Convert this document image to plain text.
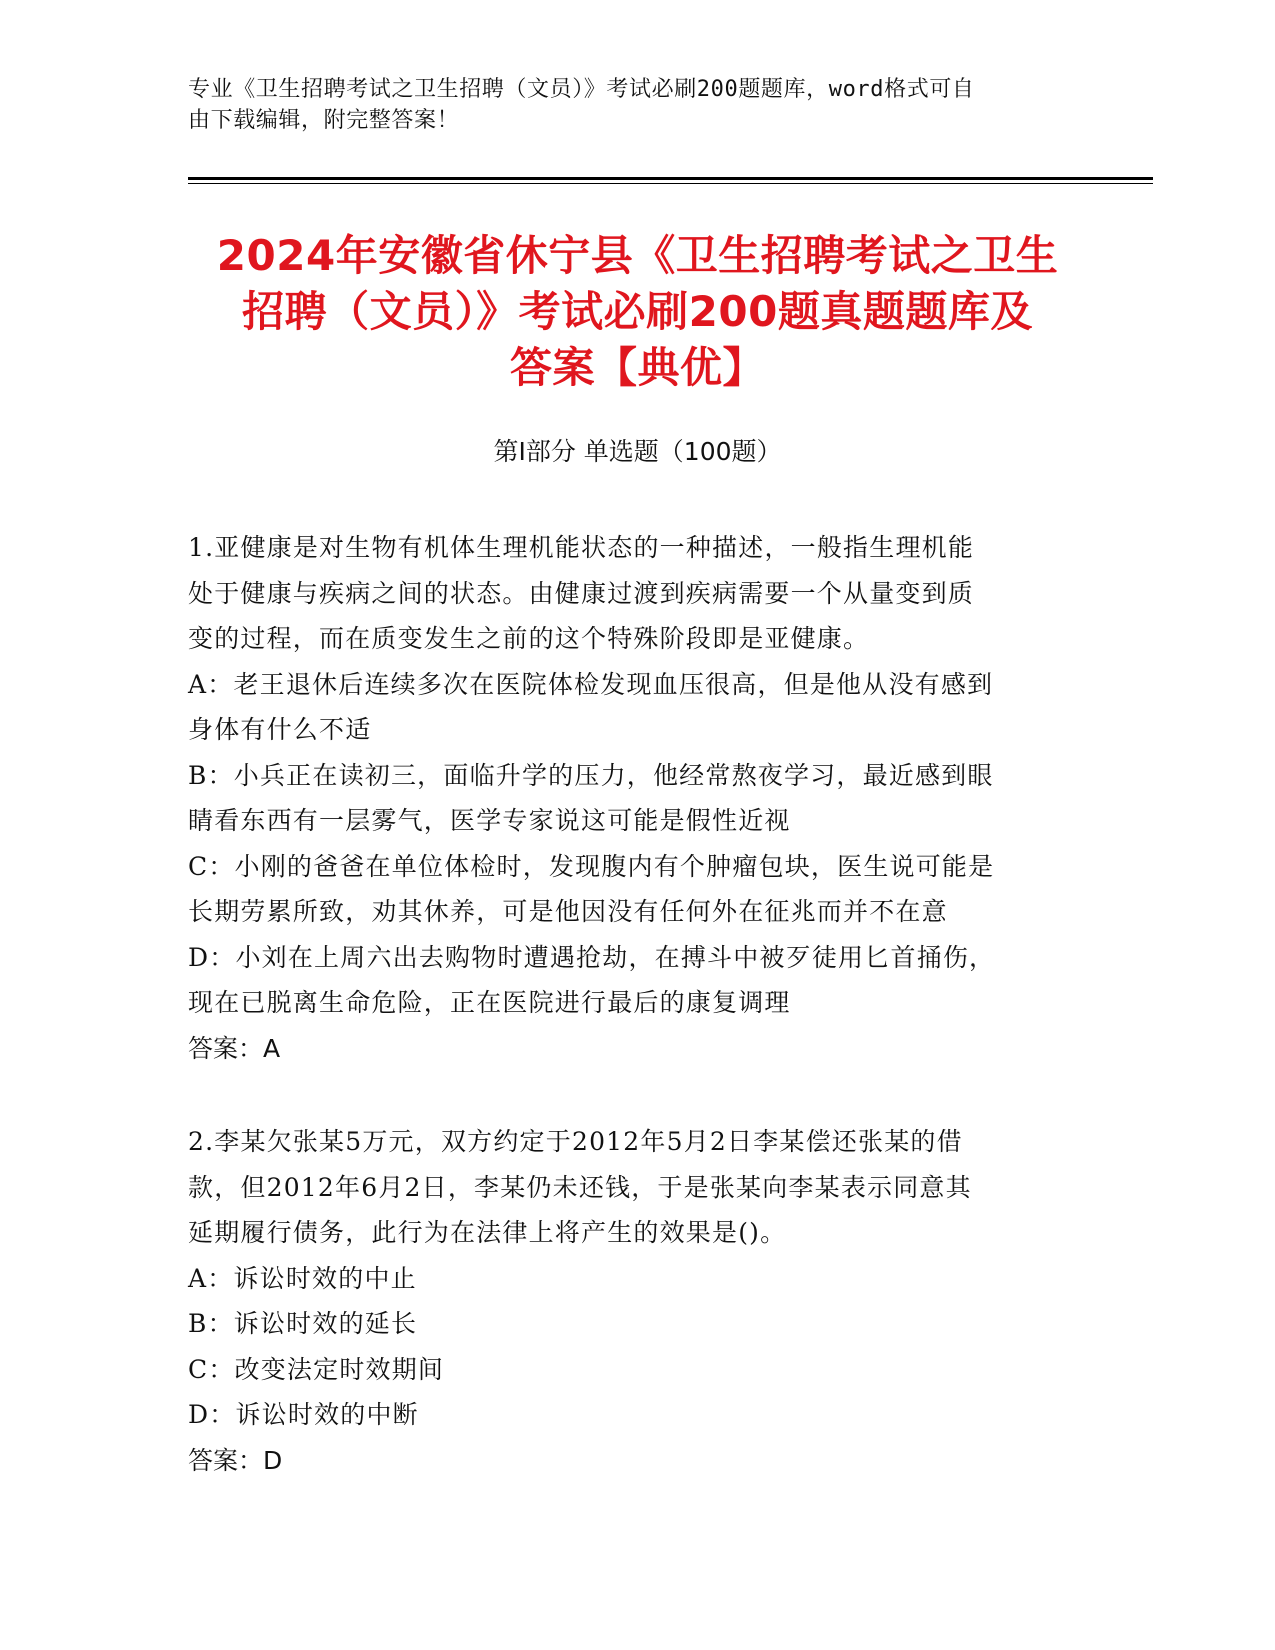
专业《卫生招聘考试之卫生招聘（文员）》考试必刷200题题库，word格式可自
由下载编辑，附完整答案！
2024年安徽省休宁县《卫生招聘考试之卫生
招聘（文员）》考试必刷200题真题题库及
答案【典优】
第I部分 单选题（100题）

1.亚健康是对生物有机体生理机能状态的一种描述，一般指生理机能

处于健康与疾病之间的状态。由健康过渡到疾病需要一个从量变到质

变的过程，而在质变发生之前的这个特殊阶段即是亚健康。

A：老王退休后连续多次在医院体检发现血压很高，但是他从没有感到

身体有什么不适

B：小兵正在读初三，面临升学的压力，他经常熬夜学习，最近感到眼

睛看东西有一层雾气，医学专家说这可能是假性近视

C：小刚的爸爸在单位体检时，发现腹内有个肿瘤包块，医生说可能是

长期劳累所致，劝其休养，可是他因没有任何外在征兆而并不在意

D：小刘在上周六出去购物时遭遇抢劫，在搏斗中被歹徒用匕首捅伤，

现在已脱离生命危险，正在医院进行最后的康复调理

答案：A

2.李某欠张某5万元，双方约定于2012年5月2日李某偿还张某的借

款，但2012年6月2日，李某仍未还钱，于是张某向李某表示同意其

延期履行债务，此行为在法律上将产生的效果是()。

A：诉讼时效的中止

B：诉讼时效的延长

C：改变法定时效期间

D：诉讼时效的中断

答案：D
